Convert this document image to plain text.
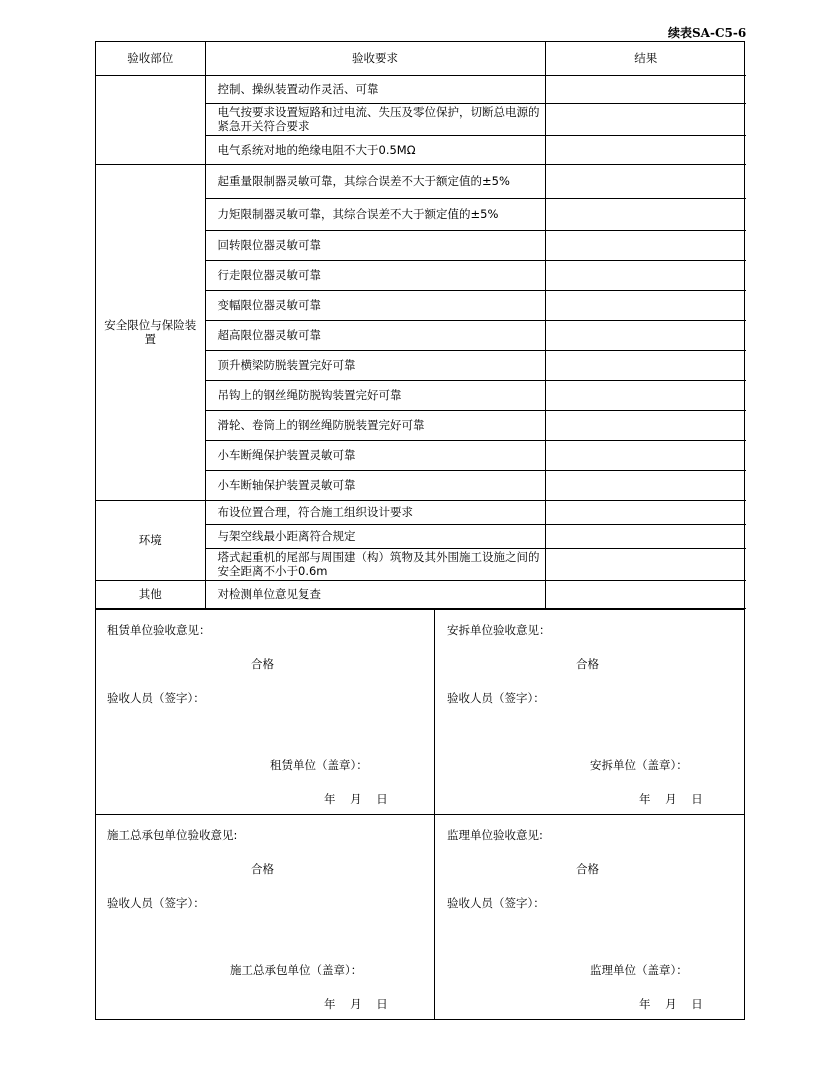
续表SA-C5-6
验收部位	验收要求	结果
	控制、操纵装置动作灵活、可靠	
	电气按要求设置短路和过电流、失压及零位保护，切断总电源的紧急开关符合要求	
	电气系统对地的绝缘电阻不大于0.5MΩ	
安全限位与保险装置	起重量限制器灵敏可靠，其综合误差不大于额定值的±5%	
	力矩限制器灵敏可靠，其综合误差不大于额定值的±5%	
	回转限位器灵敏可靠	
	行走限位器灵敏可靠	
	变幅限位器灵敏可靠	
	超高限位器灵敏可靠	
	顶升横梁防脱装置完好可靠	
	吊钩上的钢丝绳防脱钩装置完好可靠	
	滑轮、卷筒上的钢丝绳防脱装置完好可靠	
	小车断绳保护装置灵敏可靠	
	小车断轴保护装置灵敏可靠	
环境	布设位置合理，符合施工组织设计要求	
	与架空线最小距离符合规定	
	塔式起重机的尾部与周围建（构）筑物及其外围施工设施之间的安全距离不小于0.6m	
其他	对检测单位意见复查	
租赁单位验收意见：
合格
验收人员（签字）：
租赁单位（盖章）：
年    月    日
安拆单位验收意见：
合格
验收人员（签字）：
安拆单位（盖章）：
年    月    日
施工总承包单位验收意见:
合格
验收人员（签字）：
施工总承包单位（盖章）：
年    月    日
监理单位验收意见:
合格
验收人员（签字）：
监理单位（盖章）：
年    月    日
